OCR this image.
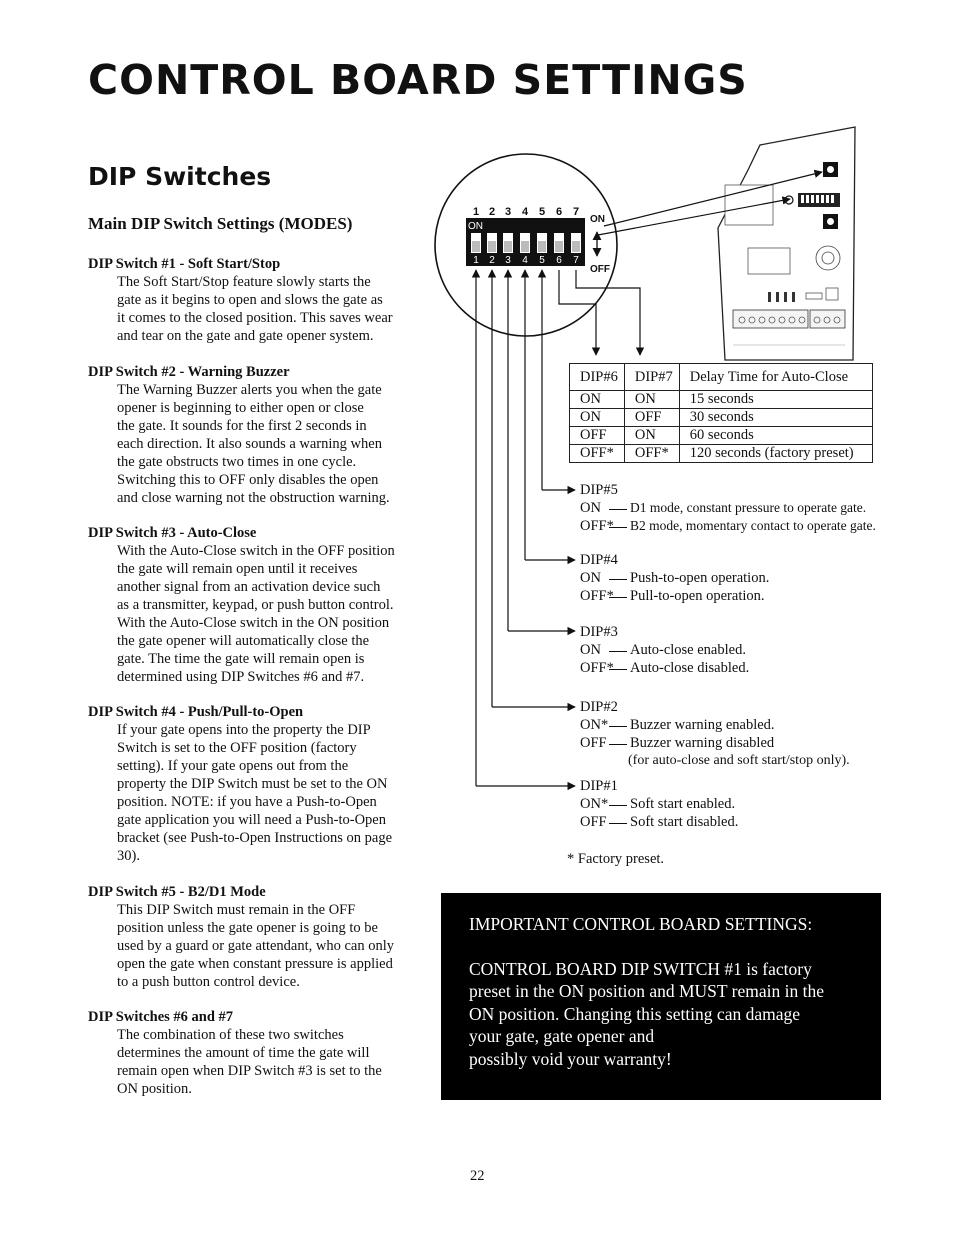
CONTROL BOARD SETTINGS
DIP Switches
Main DIP Switch Settings (MODES)
DIP Switch #1 - Soft Start/Stop

The Soft Start/Stop feature slowly starts the

gate as it begins to open and slows the gate as

it comes to the closed position. This saves wear

and tear on the gate and gate opener system.

DIP Switch #2 - Warning Buzzer

The Warning Buzzer alerts you when the gate

opener is beginning to either open or close

the gate. It sounds for the first 2 seconds in

each direction. It also sounds a warning when

the gate obstructs two times in one cycle.

Switching this to OFF only disables the open

and close warning not the obstruction warning.

DIP Switch #3 - Auto-Close

With the Auto-Close switch in the OFF position

the gate will remain open until it receives

another signal from an activation device such

as a transmitter, keypad, or push button control.

With the Auto-Close switch in the ON position

the gate opener will automatically close the

gate. The time the gate will remain open is

determined using DIP Switches #6 and #7.

DIP Switch #4 - Push/Pull-to-Open

If your gate opens into the property the DIP

Switch is set to the OFF position (factory

setting). If your gate opens out from the

property the DIP Switch must be set to the ON

position. NOTE: if you have a Push-to-Open

gate application you will need a Push-to-Open

bracket (see Push-to-Open Instructions on page

30).

DIP Switch #5 - B2/D1 Mode

This DIP Switch must remain in the OFF

position unless the gate opener is going to be

used by a guard or gate attendant, who can only

open the gate when constant pressure is applied

to a push button control device.

DIP Switches #6 and #7

The combination of these two switches

determines the amount of time the gate will

remain open when DIP Switch #3 is set to the

ON position.

ON
1 2 3 4 5 6 7
1 2 3 4 5 6 7
ON
OFF
DIP#6	DIP#7	Delay Time for Auto-Close
ON	ON	15 seconds
ON	OFF	30 seconds
OFF	ON	60 seconds
OFF*	OFF*	120 seconds (factory preset)
DIP#5
ON	D1 mode, constant pressure to operate gate.
OFF*	B2 mode, momentary contact to operate gate.
DIP#4
ON	Push-to-open operation.
OFF*	Pull-to-open operation.
DIP#3
ON	Auto-close enabled.
OFF*	Auto-close disabled.
DIP#2
ON*	Buzzer warning enabled.
OFF	Buzzer warning disabled
(for auto-close and soft start/stop only).
DIP#1
ON*	Soft start enabled.
OFF	Soft start disabled.
* Factory preset.

IMPORTANT CONTROL BOARD SETTINGS:

CONTROL BOARD DIP SWITCH #1 is factory

preset in the ON position and MUST remain in the

ON position. Changing this setting can damage

your gate, gate opener and

possibly void your warranty!

22
